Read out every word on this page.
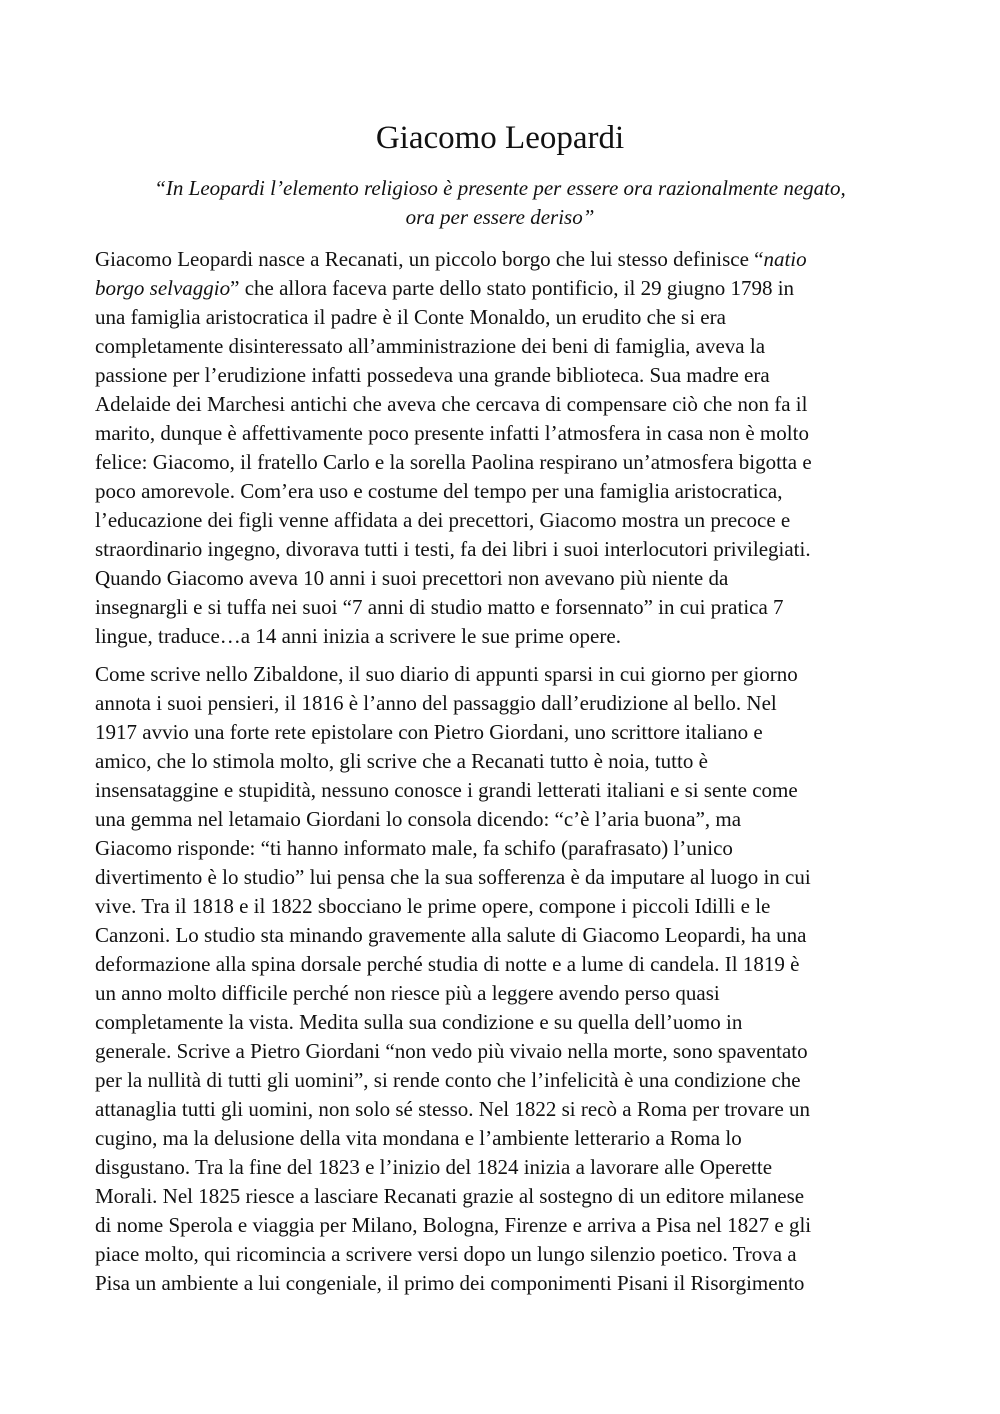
Giacomo Leopardi

“In Leopardi l’elemento religioso è presente per essere ora razionalmente negato,
ora per essere deriso”

Giacomo Leopardi nasce a Recanati, un piccolo borgo che lui stesso definisce “natio
borgo selvaggio” che allora faceva parte dello stato pontificio, il 29 giugno 1798 in
una famiglia aristocratica il padre è il Conte Monaldo, un erudito che si era
completamente disinteressato all’amministrazione dei beni di famiglia, aveva la
passione per l’erudizione infatti possedeva una grande biblioteca. Sua madre era
Adelaide dei Marchesi antichi che aveva che cercava di compensare ciò che non fa il
marito, dunque è affettivamente poco presente infatti l’atmosfera in casa non è molto
felice: Giacomo, il fratello Carlo e la sorella Paolina respirano un’atmosfera bigotta e
poco amorevole. Com’era uso e costume del tempo per una famiglia aristocratica,
l’educazione dei figli venne affidata a dei precettori, Giacomo mostra un precoce e
straordinario ingegno, divorava tutti i testi, fa dei libri i suoi interlocutori privilegiati.
Quando Giacomo aveva 10 anni i suoi precettori non avevano più niente da
insegnargli e si tuffa nei suoi “7 anni di studio matto e forsennato” in cui pratica 7
lingue, traduce…a 14 anni inizia a scrivere le sue prime opere.

Come scrive nello Zibaldone, il suo diario di appunti sparsi in cui giorno per giorno
annota i suoi pensieri, il 1816 è l’anno del passaggio dall’erudizione al bello. Nel
1917 avvio una forte rete epistolare con Pietro Giordani, uno scrittore italiano e
amico, che lo stimola molto, gli scrive che a Recanati tutto è noia, tutto è
insensataggine e stupidità, nessuno conosce i grandi letterati italiani e si sente come
una gemma nel letamaio Giordani lo consola dicendo: “c’è l’aria buona”, ma
Giacomo risponde: “ti hanno informato male, fa schifo (parafrasato) l’unico
divertimento è lo studio” lui pensa che la sua sofferenza è da imputare al luogo in cui
vive. Tra il 1818 e il 1822 sbocciano le prime opere, compone i piccoli Idilli e le
Canzoni. Lo studio sta minando gravemente alla salute di Giacomo Leopardi, ha una
deformazione alla spina dorsale perché studia di notte e a lume di candela. Il 1819 è
un anno molto difficile perché non riesce più a leggere avendo perso quasi
completamente la vista. Medita sulla sua condizione e su quella dell’uomo in
generale. Scrive a Pietro Giordani “non vedo più vivaio nella morte, sono spaventato
per la nullità di tutti gli uomini”, si rende conto che l’infelicità è una condizione che
attanaglia tutti gli uomini, non solo sé stesso. Nel 1822 si recò a Roma per trovare un
cugino, ma la delusione della vita mondana e l’ambiente letterario a Roma lo
disgustano. Tra la fine del 1823 e l’inizio del 1824 inizia a lavorare alle Operette
Morali. Nel 1825 riesce a lasciare Recanati grazie al sostegno di un editore milanese
di nome Sperola e viaggia per Milano, Bologna, Firenze e arriva a Pisa nel 1827 e gli
piace molto, qui ricomincia a scrivere versi dopo un lungo silenzio poetico. Trova a
Pisa un ambiente a lui congeniale, il primo dei componimenti Pisani il Risorgimento
